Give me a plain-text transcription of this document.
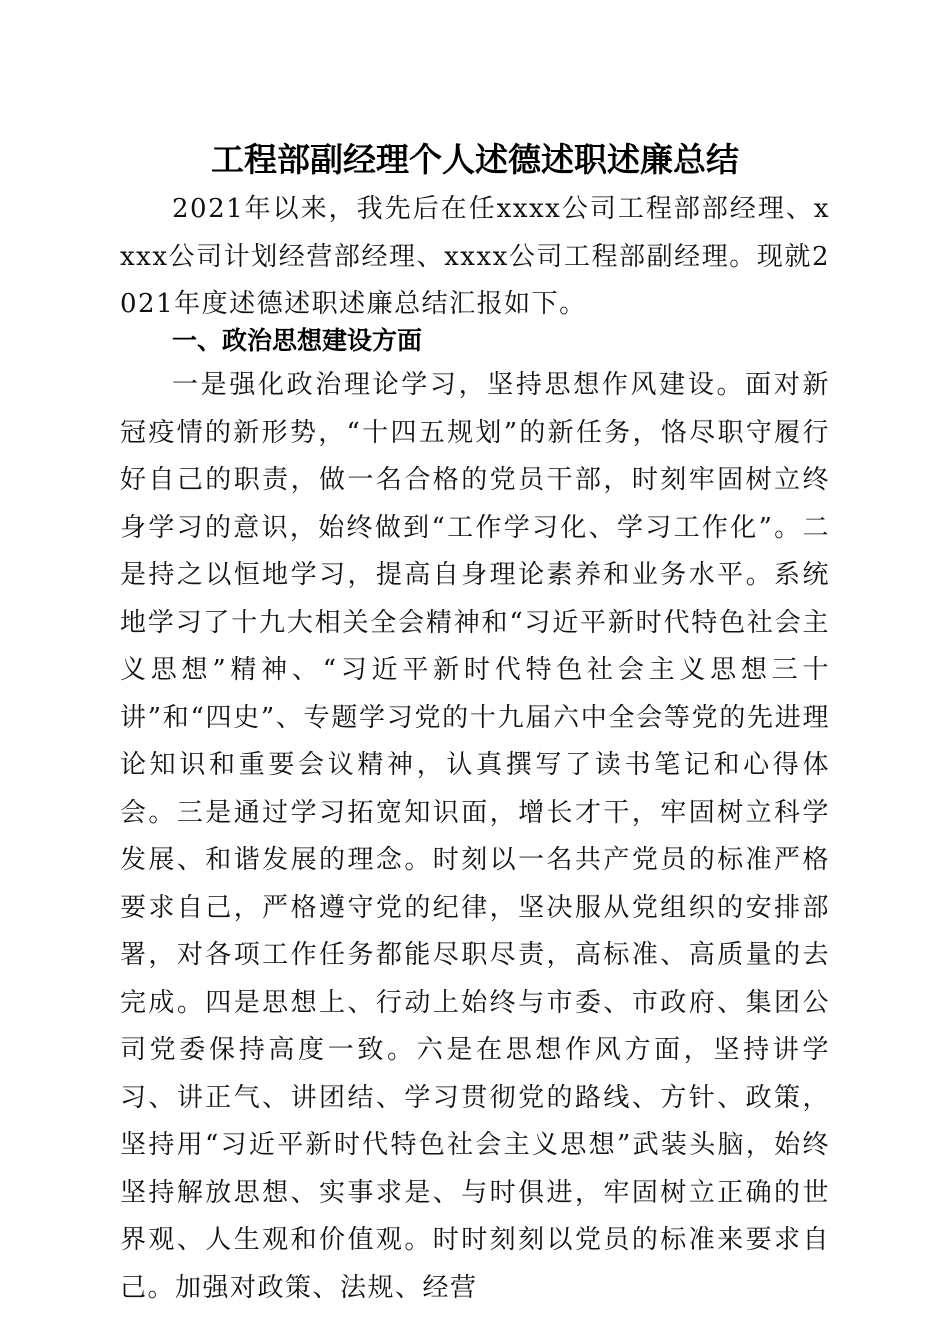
工程部副经理个人述德述职述廉总结

2021年以来，我先后在任xxxx公司工程部部经理、xxxx公司计划经营部经理、xxxx公司工程部副经理。现就2021年度述德述职述廉总结汇报如下。

一、政治思想建设方面

一是强化政治理论学习，坚持思想作风建设。面对新冠疫情的新形势，“十四五规划”的新任务，恪尽职守履行好自己的职责，做一名合格的党员干部，时刻牢固树立终身学习的意识，始终做到“工作学习化、学习工作化”。二是持之以恒地学习，提高自身理论素养和业务水平。系统地学习了十九大相关全会精神和“习近平新时代特色社会主义思想”精神、“习近平新时代特色社会主义思想三十讲”和“四史”、专题学习党的十九届六中全会等党的先进理论知识和重要会议精神，认真撰写了读书笔记和心得体会。三是通过学习拓宽知识面，增长才干，牢固树立科学发展、和谐发展的理念。时刻以一名共产党员的标准严格要求自己，严格遵守党的纪律，坚决服从党组织的安排部署，对各项工作任务都能尽职尽责，高标准、高质量的去完成。四是思想上、行动上始终与市委、市政府、集团公司党委保持高度一致。六是在思想作风方面，坚持讲学习、讲正气、讲团结、学习贯彻党的路线、方针、政策，坚持用“习近平新时代特色社会主义思想”武装头脑，始终坚持解放思想、实事求是、与时俱进，牢固树立正确的世界观、人生观和价值观。时时刻刻以党员的标准来要求自己。加强对政策、法规、经营
